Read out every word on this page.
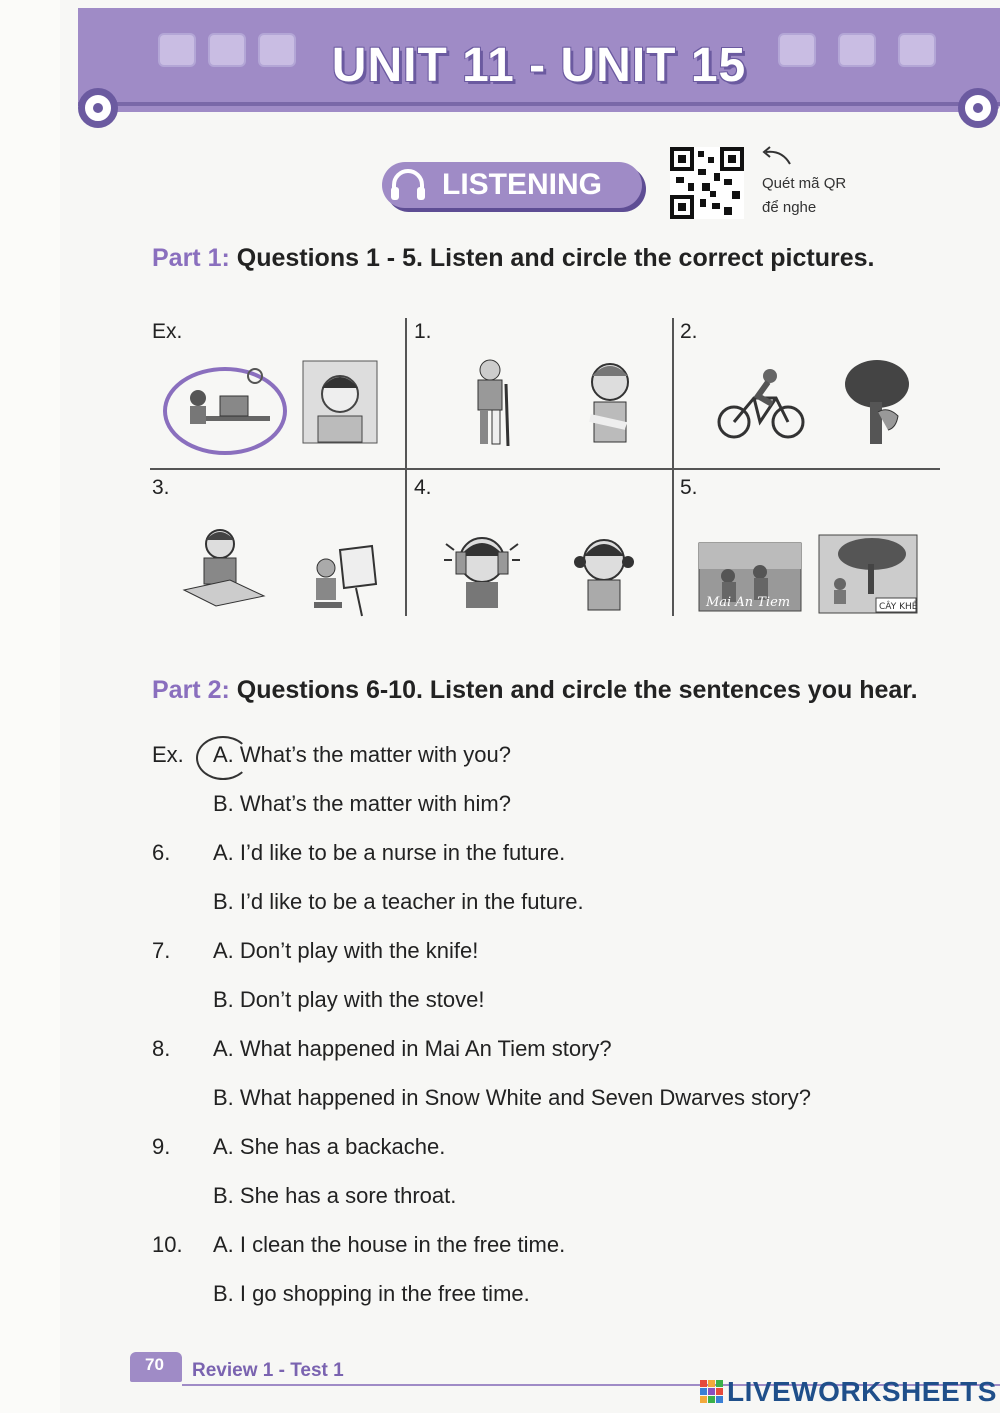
UNIT 11 - UNIT 15
LISTENING	Quét mã QR
để nghe
Part 1: Questions 1 - 5. Listen and circle the correct pictures.
Ex.	1.	2.
3.	4.	5.
Mai An Tiem	CÂY KHẾ
Part 2: Questions 6-10. Listen and circle the sentences you hear.
Ex. A. What’s the matter with you?
B. What’s the matter with him?
6. A. I’d like to be a nurse in the future.
B. I’d like to be a teacher in the future.
7. A. Don’t play with the knife!
B. Don’t play with the stove!
8. A. What happened in Mai An Tiem story?
B. What happened in Snow White and Seven Dwarves story?
9. A. She has a backache.
B. She has a sore throat.
10. A. I clean the house in the free time.
B. I go shopping in the free time.
70 Review 1 - Test 1
LIVEWORKSHEETS
